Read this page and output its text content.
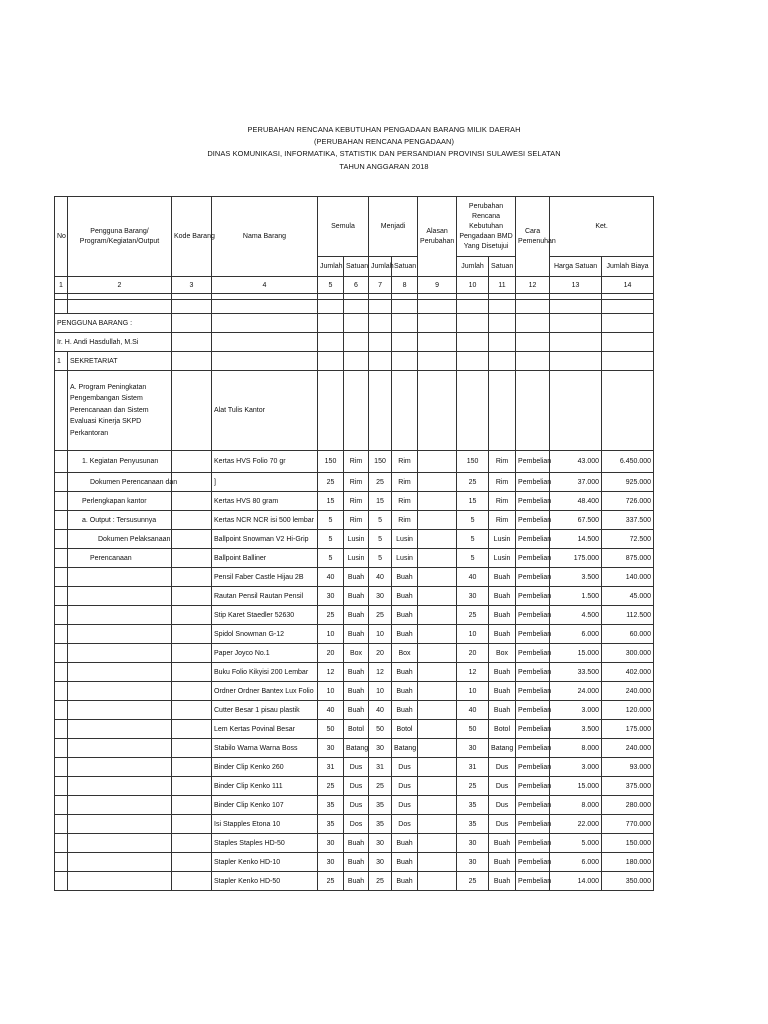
PERUBAHAN RENCANA KEBUTUHAN PENGADAAN BARANG MILIK DAERAH
(PERUBAHAN RENCANA PENGADAAN)
DINAS KOMUNIKASI, INFORMATIKA, STATISTIK DAN PERSANDIAN PROVINSI SULAWESI SELATAN
TAHUN ANGGARAN 2018
No	Pengguna Barang/ Program/Kegiatan/Output	Kode Barang	Nama Barang	Semula		Menjadi		Alasan Perubahan	Perubahan Rencana Kebutuhan Pengadaan BMD Yang Disetujui		Cara Pemenuhan	Ket.	
				Jumlah	Satuan	Jumlah	Satuan		Jumlah	Satuan		Harga Satuan	Jumlah Biaya
1	2	3	4	5	6	7	8	9	10	11	12	13	14

PENGGUNA BARANG :													
Ir. H. Andi Hasdullah, M.Si													
1	SEKRETARIAT												
	A. Program Peningkatan Pengembangan Sistem Perencanaan dan Sistem Evaluasi Kinerja SKPD Perkantoran		Alat Tulis Kantor										
	1. Kegiatan Penyusunan		Kertas HVS Folio 70 gr	150	Rim	150	Rim		150	Rim	Pembelian	43.000	6.450.000
	Dokumen Perencanaan dan		]	25	Rim	25	Rim		25	Rim	Pembelian	37.000	925.000
	Perlengkapan kantor		Kertas HVS 80 gram	15	Rim	15	Rim		15	Rim	Pembelian	48.400	726.000
	a. Output : Tersusunnya		Kertas NCR NCR isi 500 lembar	5	Rim	5	Rim		5	Rim	Pembelian	67.500	337.500
	Dokumen Pelaksanaan		Ballpoint Snowman V2 Hi-Grip	5	Lusin	5	Lusin		5	Lusin	Pembelian	14.500	72.500
	Perencanaan		Ballpoint Balliner	5	Lusin	5	Lusin		5	Lusin	Pembelian	175.000	875.000
			Pensil Faber Castle Hijau 2B	40	Buah	40	Buah		40	Buah	Pembelian	3.500	140.000
			Rautan Pensil Rautan Pensil	30	Buah	30	Buah		30	Buah	Pembelian	1.500	45.000
			Stip Karet Staedler 52630	25	Buah	25	Buah		25	Buah	Pembelian	4.500	112.500
			Spidol Snowman G-12	10	Buah	10	Buah		10	Buah	Pembelian	6.000	60.000
			Paper Joyco No.1	20	Box	20	Box		20	Box	Pembelian	15.000	300.000
			Buku Folio Kikyisi 200 Lembar	12	Buah	12	Buah		12	Buah	Pembelian	33.500	402.000
			Ordner Ordner Bantex Lux Folio	10	Buah	10	Buah		10	Buah	Pembelian	24.000	240.000
			Cutter Besar 1 pisau plastik	40	Buah	40	Buah		40	Buah	Pembelian	3.000	120.000
			Lem Kertas Povinal Besar	50	Botol	50	Botol		50	Botol	Pembelian	3.500	175.000
			Stabilo Warna Warna Boss	30	Batang	30	Batang		30	Batang	Pembelian	8.000	240.000
			Binder Clip Kenko 260	31	Dus	31	Dus		31	Dus	Pembelian	3.000	93.000
			Binder Clip Kenko 111	25	Dus	25	Dus		25	Dus	Pembelian	15.000	375.000
			Binder Clip Kenko 107	35	Dus	35	Dus		35	Dus	Pembelian	8.000	280.000
			Isi Stapples Etona 10	35	Dos	35	Dos		35	Dus	Pembelian	22.000	770.000
			Staples Staples HD-50	30	Buah	30	Buah		30	Buah	Pembelian	5.000	150.000
			Stapler Kenko HD-10	30	Buah	30	Buah		30	Buah	Pembelian	6.000	180.000
			Stapler Kenko HD-50	25	Buah	25	Buah		25	Buah	Pembelian	14.000	350.000
